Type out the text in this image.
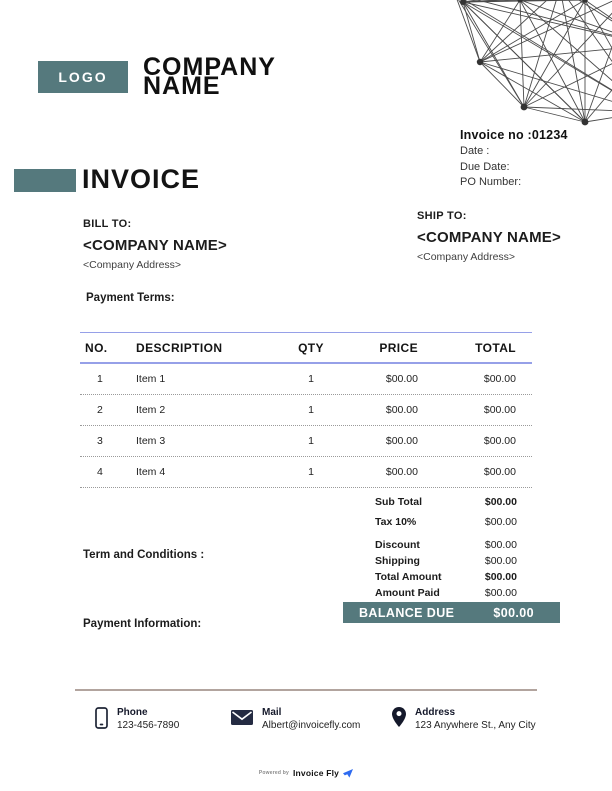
LOGO COMPANY NAME
Invoice no :01234
Date :
Due Date:
PO Number:
INVOICE
BILL TO:
<COMPANY NAME>
<Company Address>
SHIP TO:
<COMPANY NAME>
<Company Address>
Payment Terms:
NO.	DESCRIPTION	QTY	PRICE	TOTAL
1	Item 1	1	$00.00	$00.00
2	Item 2	1	$00.00	$00.00
3	Item 3	1	$00.00	$00.00
4	Item 4	1	$00.00	$00.00
Sub Total	$00.00
Tax 10%	$00.00
Discount	$00.00
Shipping	$00.00
Total Amount	$00.00
Amount Paid	$00.00
BALANCE DUE	$00.00
Term and Conditions :
Payment Information:
Phone
123-456-7890
Mail
Albert@invoicefly.com
Address
123 Anywhere St., Any City
Powered by Invoice Fly
